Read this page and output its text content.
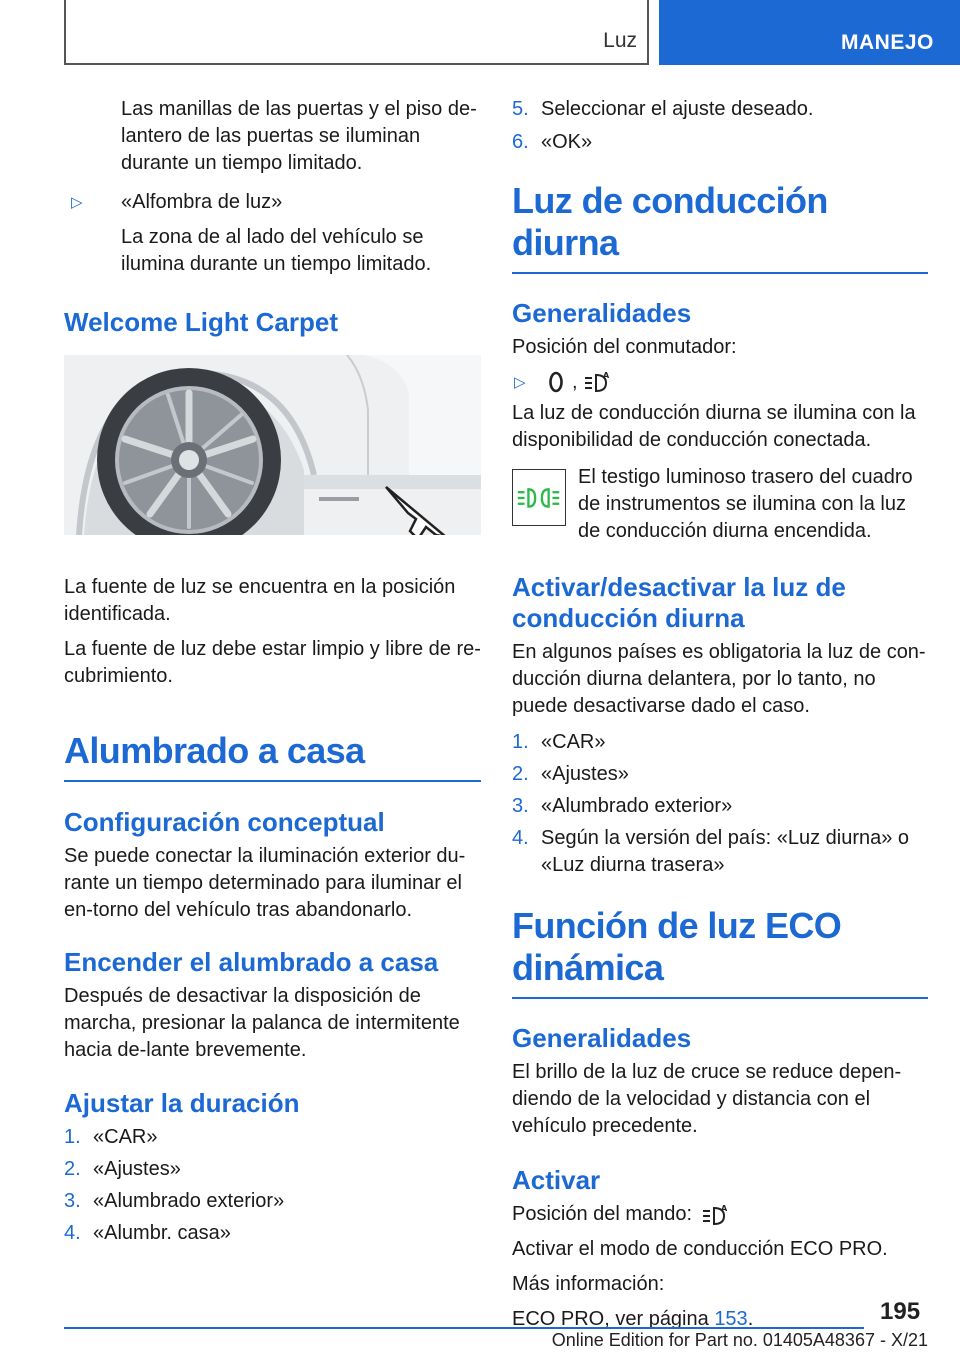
Luz	MANEJO

Las manillas de las puertas y el piso de-lantero de las puertas se iluminan durante un tiempo limitado.

▷	«Alfombra de luz»

La zona de al lado del vehículo se ilumina durante un tiempo limitado.

Welcome Light Carpet

La fuente de luz se encuentra en la posición identificada.

La fuente de luz debe estar limpio y libre de re-cubrimiento.

Alumbrado a casa
Configuración conceptual

Se puede conectar la iluminación exterior du-rante un tiempo determinado para iluminar el en-torno del vehículo tras abandonarlo.

Encender el alumbrado a casa

Después de desactivar la disposición de marcha, presionar la palanca de intermitente hacia de-lante brevemente.

Ajustar la duración
1. «CAR»
2. «Ajustes»
3. «Alumbrado exterior»
4. «Alumbr. casa»
5. Seleccionar el ajuste deseado.
6. «OK»
Luz de conducción diurna
Generalidades

Posición del conmutador:

▷	,	A

La luz de conducción diurna se ilumina con la disponibilidad de conducción conectada.

El testigo luminoso trasero del cuadro de instrumentos se ilumina con la luz de conducción diurna encendida.

Activar/desactivar la luz de conducción diurna

En algunos países es obligatoria la luz de con-ducción diurna delantera, por lo tanto, no puede desactivarse dado el caso.

1. «CAR»
2. «Ajustes»
3. «Alumbrado exterior»
4. Según la versión del país: «Luz diurna» o «Luz diurna trasera»
Función de luz ECO dinámica
Generalidades

El brillo de la luz de cruce se reduce depen-diendo de la velocidad y distancia con el vehículo precedente.

Activar
Posición del mando:	A

Activar el modo de conducción ECO PRO.

Más información:

ECO PRO, ver página 153.	195
Online Edition for Part no. 01405A48367 - X/21
